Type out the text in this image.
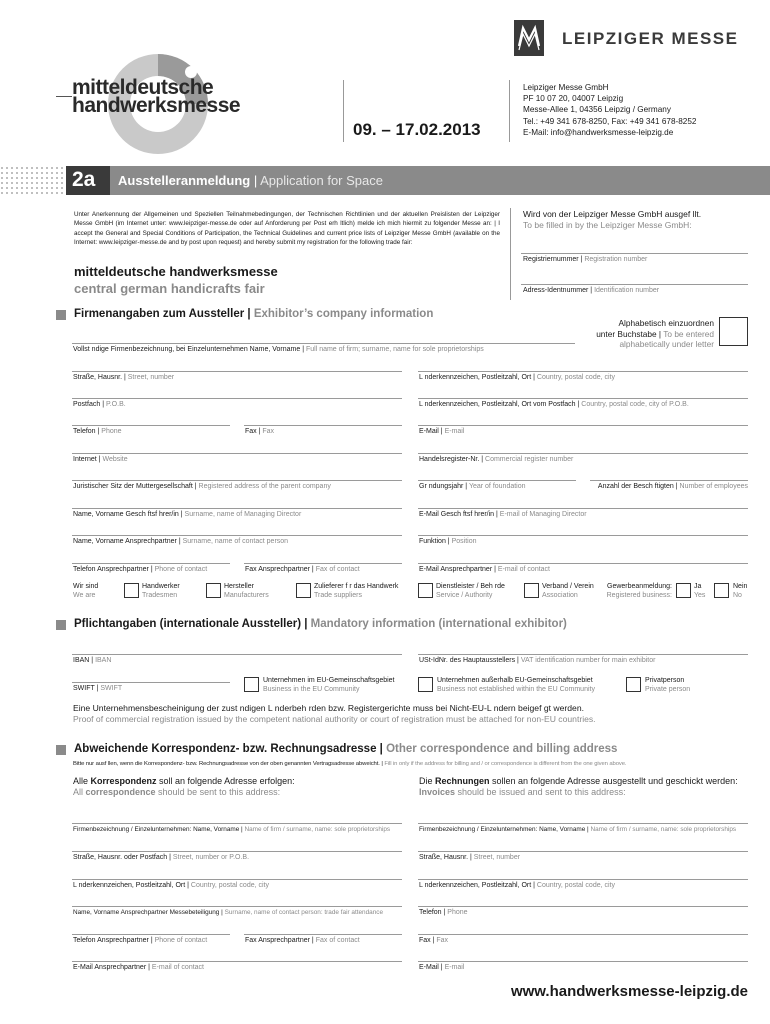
LEIPZIGER MESSE
mitteldeutsche
handwerksmesse
09. – 17.02.2013
Leipziger Messe GmbH
PF 10 07 20, 04007 Leipzig
Messe-Allee 1, 04356 Leipzig / Germany
Tel.: +49 341 678-8250, Fax: +49 341 678-8252
E-Mail: info@handwerksmesse-leipzig.de
2a Ausstelleranmeldung | Application for Space
Unter Anerkennung der Allgemeinen und Speziellen Teilnahmebedingungen, der Technischen Richtlinien und der aktuellen Preislisten der Leipziger Messe GmbH (im Internet unter: www.leipziger-messe.de oder auf Anforderung per Post erh ltlich) melde ich mich hiermit zu folgender Messe an: | I accept the General and Special Conditions of Participation, the Technical Guidelines and current price lists of Leipziger Messe GmbH (available on the Internet: www.leipziger-messe.de and by post upon request) and hereby submit my registration for the following trade fair:
mitteldeutsche handwerksmesse
central german handicrafts fair
Wird von der Leipziger Messe GmbH ausgef llt.
To be filled in by the Leipziger Messe GmbH:
Registriernummer | Registration number
Adress-Identnummer | Identification number
Firmenangaben zum Aussteller | Exhibitor’s company information
Alphabetisch einzuordnen
unter Buchstabe | To be entered
alphabetically under letter
Vollst ndige Firmenbezeichnung, bei Einzelunternehmen Name, Vorname | Full name of firm; surname, name for sole proprietorships
Straße, Hausnr. | Street, number	L nderkennzeichen, Postleitzahl, Ort | Country, postal code, city
Postfach | P.O.B.	L nderkennzeichen, Postleitzahl, Ort vom Postfach | Country, postal code, city of P.O.B.
Telefon | Phone	Fax | Fax	E-Mail | E-mail
Internet | Website	Handelsregister-Nr. | Commercial register number
Juristischer Sitz der Muttergesellschaft | Registered address of the parent company	Gr ndungsjahr | Year of foundation	Anzahl der Besch ftigten | Number of employees
Name, Vorname Gesch ftsf hrer/in | Surname, name of Managing Director	E-Mail Gesch ftsf hrer/in | E-mail of Managing Director
Name, Vorname Ansprechpartner | Surname, name of contact person	Funktion | Position
Telefon Ansprechpartner | Phone of contact	Fax Ansprechpartner | Fax of contact	E-Mail Ansprechpartner | E-mail of contact
Wir sind
We are
Handwerker
Tradesmen
Hersteller
Manufacturers
Zulieferer f r das Handwerk
Trade suppliers
Dienstleister / Beh rde
Service / Authority
Verband / Verein
Association
Gewerbeanmeldung:
Registered business:
Ja
Yes
Nein
No
Pflichtangaben (internationale Aussteller) | Mandatory information (international exhibitor)
IBAN | IBAN	USt-IdNr. des Hauptausstellers | VAT identification number for main exhibitor
SWIFT | SWIFT
Unternehmen im EU-Gemeinschaftsgebiet
Business in the EU Community
Unternehmen außerhalb EU-Gemeinschaftsgebiet
Business not established within the EU Community
Privatperson
Private person
Eine Unternehmensbescheinigung der zust ndigen L nderbeh rden bzw. Registergerichte muss bei Nicht-EU-L ndern beigef gt werden.
Proof of commercial registration issued by the competent national authority or court of registration must be attached for non-EU countries.
Abweichende Korrespondenz- bzw. Rechnungsadresse | Other correspondence and billing address
Bitte nur ausf llen, wenn die Korrespondenz- bzw. Rechnungsadresse von der oben genannten Vertragsadresse abweicht. | Fill in only if the address for billing and / or correspondence is different from the one given above.
Alle Korrespondenz soll an folgende Adresse erfolgen:
All correspondence should be sent to this address:
Die Rechnungen sollen an folgende Adresse ausgestellt und geschickt werden:
Invoices should be issued and sent to this address:
Firmenbezeichnung / Einzelunternehmen: Name, Vorname | Name of firm / surname, name: sole proprietorships
Straße, Hausnr. oder Postfach | Street, number or P.O.B.
L nderkennzeichen, Postleitzahl, Ort | Country, postal code, city
Name, Vorname Ansprechpartner Messebeteiligung | Surname, name of contact person: trade fair attendance
Telefon Ansprechpartner | Phone of contact	Fax Ansprechpartner | Fax of contact
E-Mail Ansprechpartner | E-mail of contact
Firmenbezeichnung / Einzelunternehmen: Name, Vorname | Name of firm / surname, name: sole proprietorships
Straße, Hausnr. | Street, number
L nderkennzeichen, Postleitzahl, Ort | Country, postal code, city
Telefon | Phone
Fax | Fax
E-Mail | E-mail
www.handwerksmesse-leipzig.de
